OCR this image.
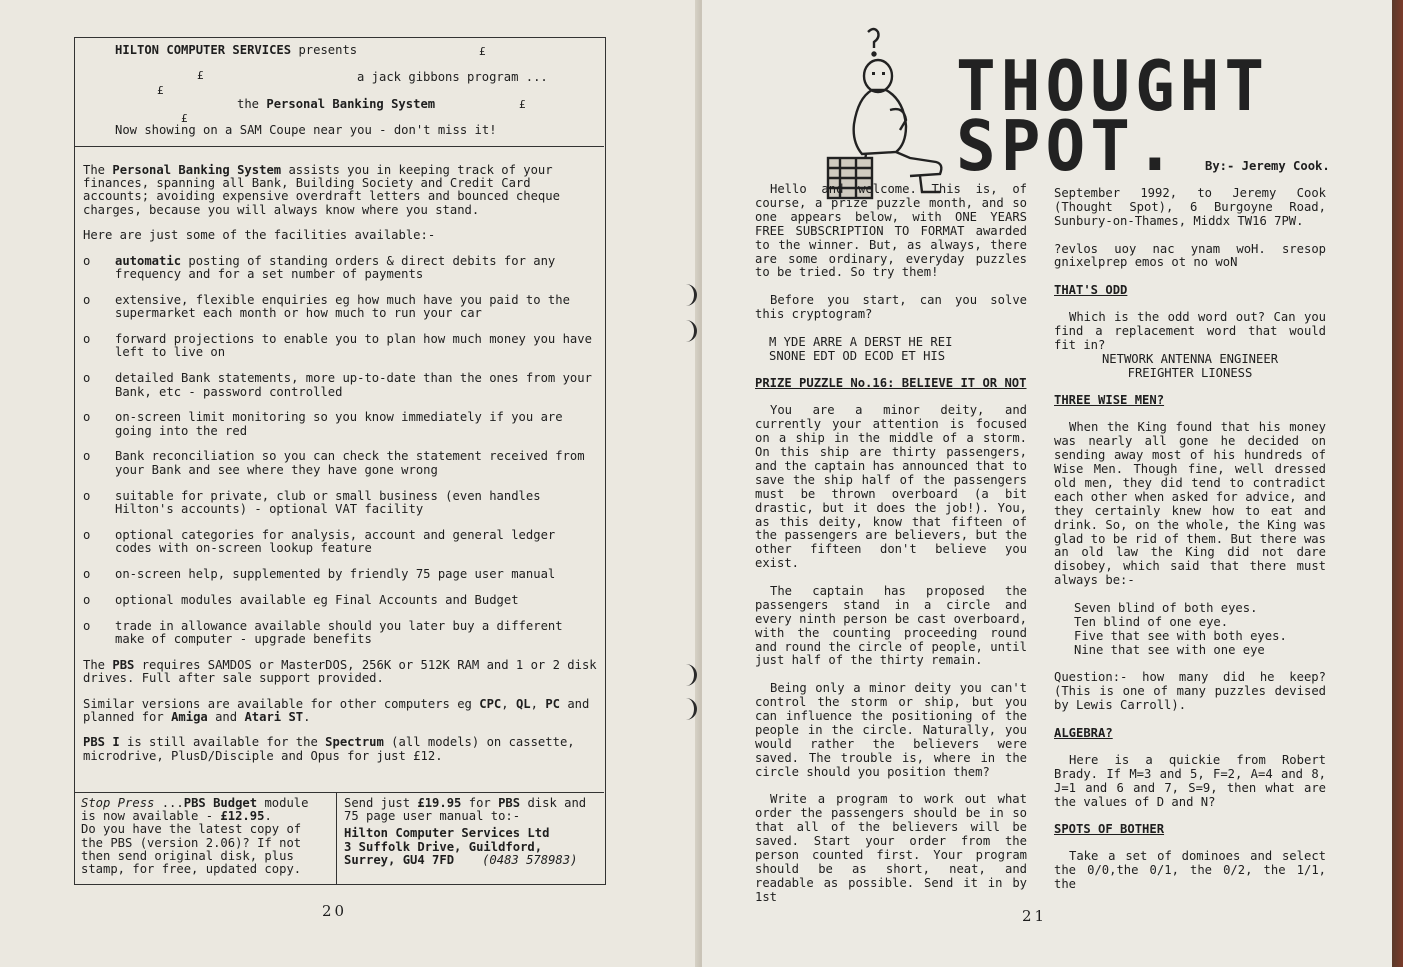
HILTON COMPUTER SERVICES presents	£
£	a jack gibbons program ...
£
the Personal Banking System	£
£
Now showing on a SAM Coupe near you - don't miss it!

The Personal Banking System assists you in keeping track of your finances, spanning all Bank, Building Society and Credit Card accounts; avoiding expensive overdraft letters and bounced cheque charges, because you will always know where you stand.

Here are just some of the facilities available:-

o automatic posting of standing orders & direct debits for any frequency and for a set number of payments
o extensive, flexible enquiries eg how much have you paid to the supermarket each month or how much to run your car
o forward projections to enable you to plan how much money you have left to live on
o detailed Bank statements, more up-to-date than the ones from your Bank, etc - password controlled
o on-screen limit monitoring so you know immediately if you are going into the red
o Bank reconciliation so you can check the statement received from your Bank and see where they have gone wrong
o suitable for private, club or small business (even handles Hilton's accounts) - optional VAT facility
o optional categories for analysis, account and general ledger codes with on-screen lookup feature
o on-screen help, supplemented by friendly 75 page user manual
o optional modules available eg Final Accounts and Budget
o trade in allowance available should you later buy a different make of computer - upgrade benefits

The PBS requires SAMDOS or MasterDOS, 256K or 512K RAM and 1 or 2 disk drives. Full after sale support provided.

Similar versions are available for other computers eg CPC, QL, PC and planned for Amiga and Atari ST.

PBS I is still available for the Spectrum (all models) on cassette, microdrive, PlusD/Disciple and Opus for just £12.

Stop Press ...PBS Budget module is now available - £12.95.
Do you have the latest copy of the PBS (version 2.06)? If not then send original disk, plus stamp, for free, updated copy.
Send just £19.95 for PBS disk and 75 page user manual to:-
Hilton Computer Services Ltd
3 Suffolk Drive, Guildford,
Surrey, GU4 7FD (0483 578983)
20
THOUGHT
SPOT. By:- Jeremy Cook.

Hello and welcome. This is, of course, a prize puzzle month, and so one appears below, with ONE YEARS FREE SUBSCRIPTION TO FORMAT awarded to the winner. But, as always, there are some ordinary, everyday puzzles to be tried. So try them!

Before you start, can you solve this cryptogram?

M YDE ARRE A DERST HE REI
SNONE EDT OD ECOD ET HIS
PRIZE PUZZLE No.16: BELIEVE IT OR NOT

You are a minor deity, and currently your attention is focused on a ship in the middle of a storm. On this ship are thirty passengers, and the captain has announced that to save the ship half of the passengers must be thrown overboard (a bit drastic, but it does the job!). You, as this deity, know that fifteen of the passengers are believers, but the other fifteen don't believe you exist.

The captain has proposed the passengers stand in a circle and every ninth person be cast overboard, with the counting proceeding round and round the circle of people, until just half of the thirty remain.

Being only a minor deity you can't control the storm or ship, but you can influence the positioning of the people in the circle. Naturally, you would rather the believers were saved. The trouble is, where in the circle should you position them?

Write a program to work out what order the passengers should be in so that all of the believers will be saved. Start your order from the person counted first. Your program should be as short, neat, and readable as possible. Send it in by 1st

September 1992, to Jeremy Cook (Thought Spot), 6 Burgoyne Road, Sunbury-on-Thames, Middx TW16 7PW.

?evlos uoy nac ynam woH. sresop gnixelprep emos ot no woN

THAT'S ODD

Which is the odd word out? Can you find a replacement word that would fit in?

NETWORK ANTENNA ENGINEER

FREIGHTER LIONESS

THREE WISE MEN?

When the King found that his money was nearly all gone he decided on sending away most of his hundreds of Wise Men. Though fine, well dressed old men, they did tend to contradict each other when asked for advice, and they certainly knew how to eat and drink. So, on the whole, the King was glad to be rid of them. But there was an old law the King did not dare disobey, which said that there must always be:-

Seven blind of both eyes.
Ten blind of one eye.
Five that see with both eyes.
Nine that see with one eye

Question:- how many did he keep? (This is one of many puzzles devised by Lewis Carroll).

ALGEBRA?

Here is a quickie from Robert Brady. If M=3 and 5, F=2, A=4 and 8, J=1 and 6 and 7, S=9, then what are the values of D and N?

SPOTS OF BOTHER

Take a set of dominoes and select the 0/0,the 0/1, the 0/2, the 1/1, the

21
